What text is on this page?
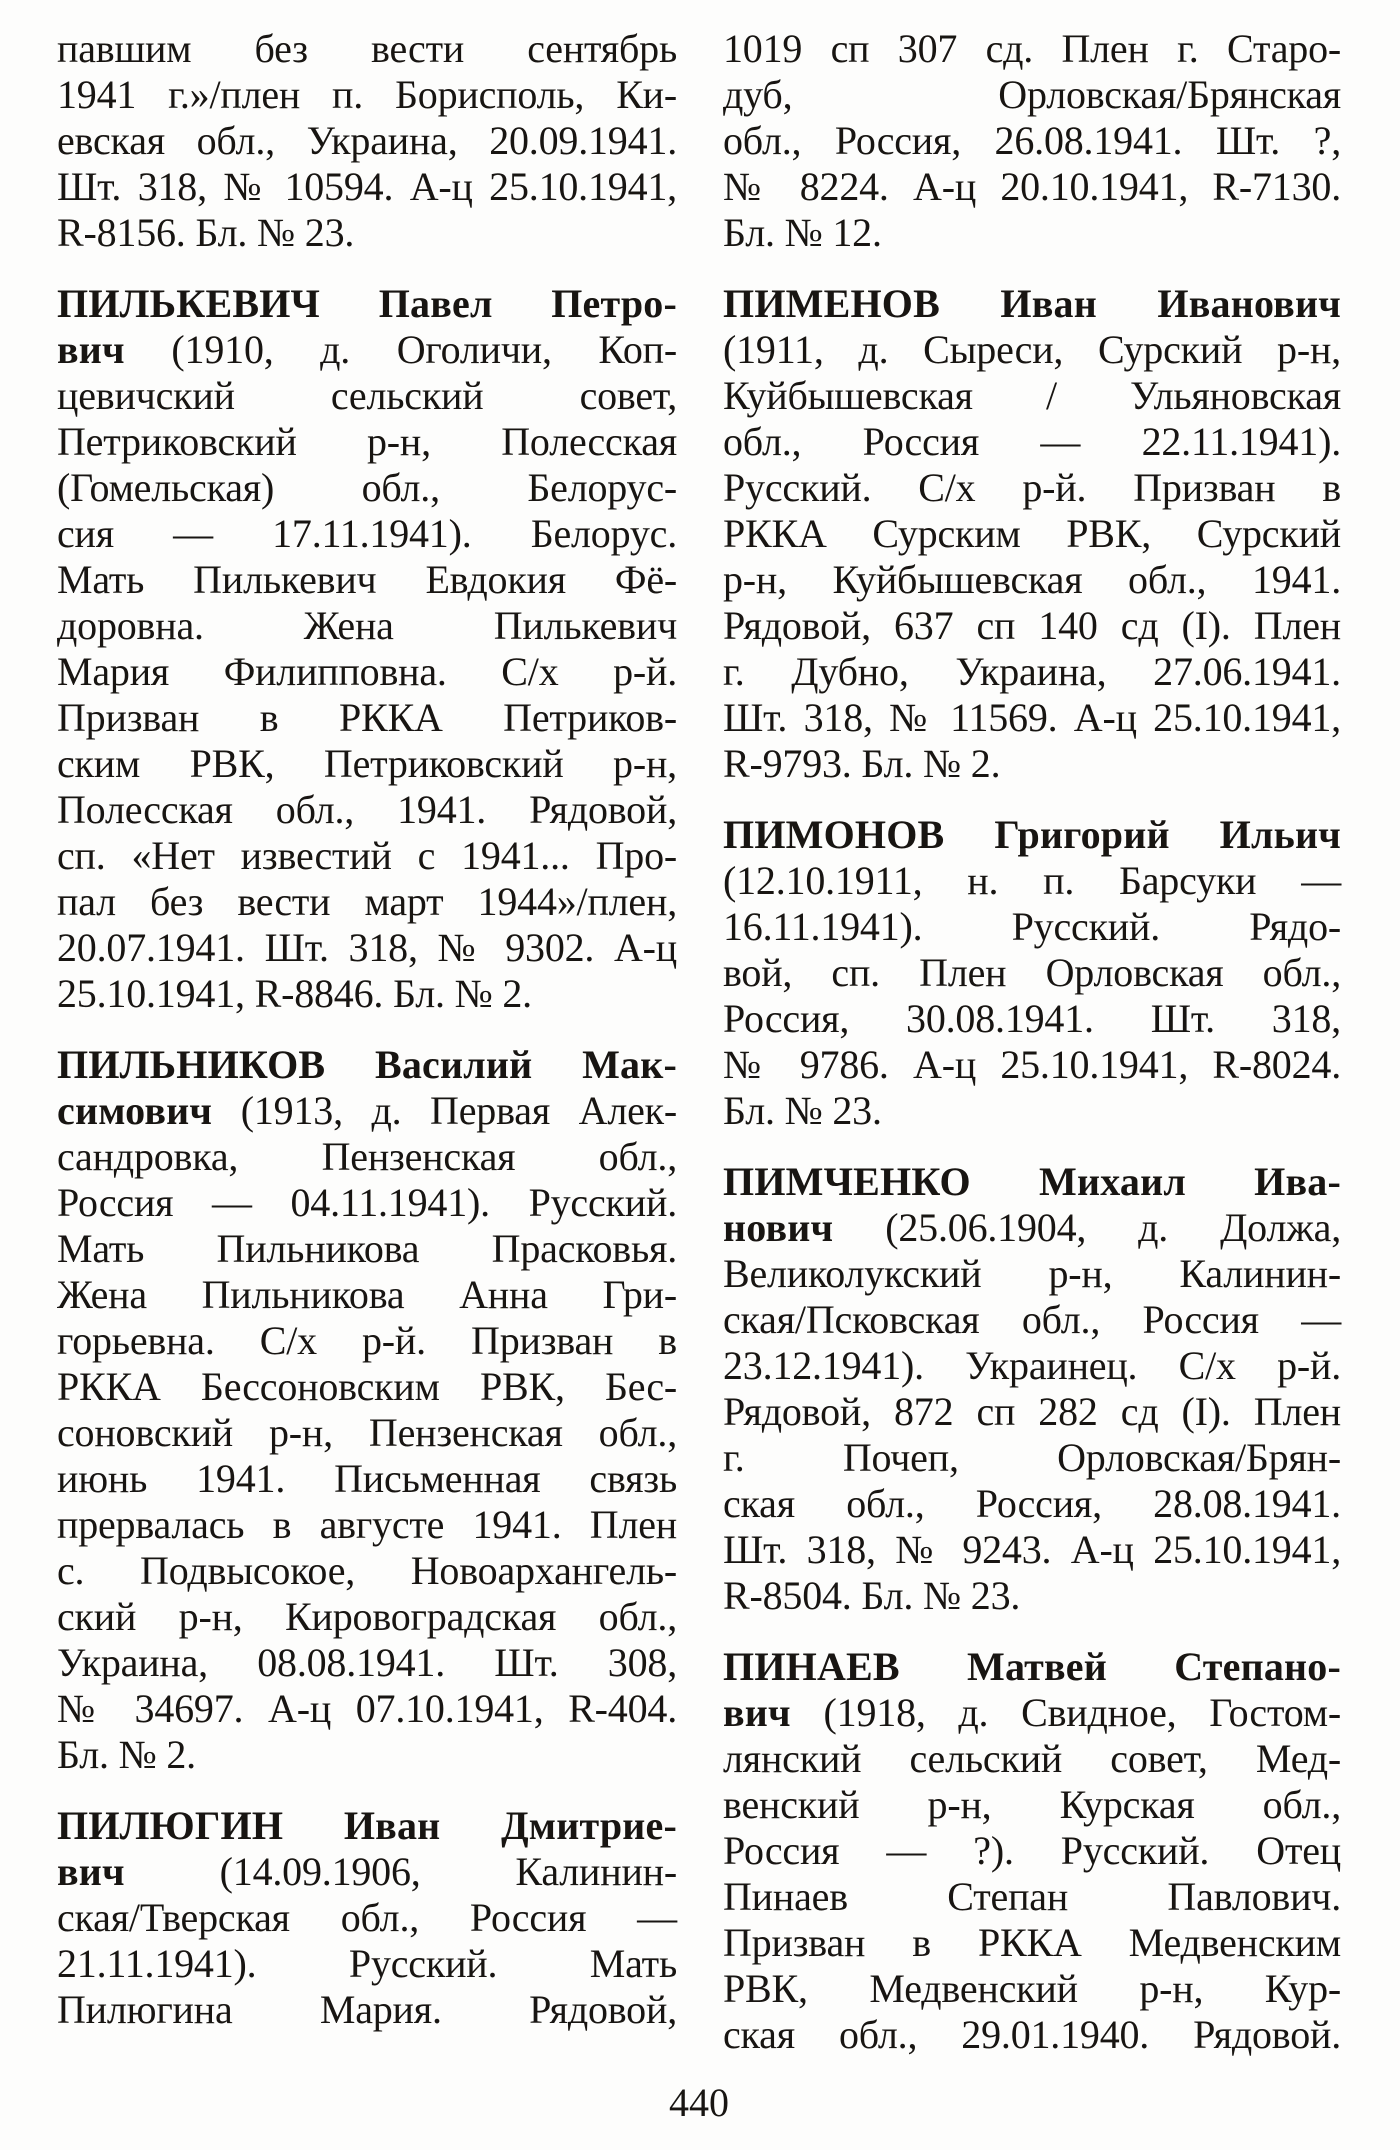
павшим без вести сентябрь
1941 г.»/плен п. Борисполь, Ки-
евская обл., Украина, 20.09.1941.
Шт. 318, № 10594. А-ц 25.10.1941,
R-8156. Бл. № 23.
ПИЛЬКЕВИЧ Павел Петро-
вич (1910, д. Оголичи, Коп-
цевичский сельский совет,
Петриковский р-н, Полесская
(Гомельская) обл., Белорус-
сия — 17.11.1941). Белорус.
Мать Пилькевич Евдокия Фё-
доровна. Жена Пилькевич
Мария Филипповна. С/х р-й.
Призван в РККА Петриков-
ским РВК, Петриковский р-н,
Полесская обл., 1941. Рядовой,
сп. «Нет известий с 1941... Про-
пал без вести март 1944»/плен,
20.07.1941. Шт. 318, № 9302. А-ц
25.10.1941, R-8846. Бл. № 2.
ПИЛЬНИКОВ Василий Мак-
симович (1913, д. Первая Алек-
сандровка, Пензенская обл.,
Россия — 04.11.1941). Русский.
Мать Пильникова Прасковья.
Жена Пильникова Анна Гри-
горьевна. С/х р-й. Призван в
РККА Бессоновским РВК, Бес-
соновский р-н, Пензенская обл.,
июнь 1941. Письменная связь
прервалась в августе 1941. Плен
с. Подвысокое, Новоархангель-
ский р-н, Кировоградская обл.,
Украина, 08.08.1941. Шт. 308,
№ 34697. А-ц 07.10.1941, R-404.
Бл. № 2.
ПИЛЮГИН Иван Дмитрие-
вич (14.09.1906, Калинин-
ская/Тверская обл., Россия —
21.11.1941). Русский. Мать
Пилюгина Мария. Рядовой,
1019 сп 307 сд. Плен г. Старо-
дуб, Орловская/Брянская
обл., Россия, 26.08.1941. Шт. ?,
№ 8224. А-ц 20.10.1941, R-7130.
Бл. № 12.
ПИМЕНОВ Иван Иванович
(1911, д. Сыреси, Сурский р-н,
Куйбышевская / Ульяновская
обл., Россия — 22.11.1941).
Русский. С/х р-й. Призван в
РККА Сурским РВК, Сурский
р-н, Куйбышевская обл., 1941.
Рядовой, 637 сп 140 сд (I). Плен
г. Дубно, Украина, 27.06.1941.
Шт. 318, № 11569. А-ц 25.10.1941,
R-9793. Бл. № 2.
ПИМОНОВ Григорий Ильич
(12.10.1911, н. п. Барсуки —
16.11.1941). Русский. Рядо-
вой, сп. Плен Орловская обл.,
Россия, 30.08.1941. Шт. 318,
№ 9786. А-ц 25.10.1941, R-8024.
Бл. № 23.
ПИМЧЕНКО Михаил Ива-
нович (25.06.1904, д. Должа,
Великолукский р-н, Калинин-
ская/Псковская обл., Россия —
23.12.1941). Украинец. С/х р-й.
Рядовой, 872 сп 282 сд (I). Плен
г. Почеп, Орловская/Брян-
ская обл., Россия, 28.08.1941.
Шт. 318, № 9243. А-ц 25.10.1941,
R-8504. Бл. № 23.
ПИНАЕВ Матвей Степано-
вич (1918, д. Свидное, Гостом-
лянский сельский совет, Мед-
венский р-н, Курская обл.,
Россия — ?). Русский. Отец
Пинаев Степан Павлович.
Призван в РККА Медвенским
РВК, Медвенский р-н, Кур-
ская обл., 29.01.1940. Рядовой.
440
